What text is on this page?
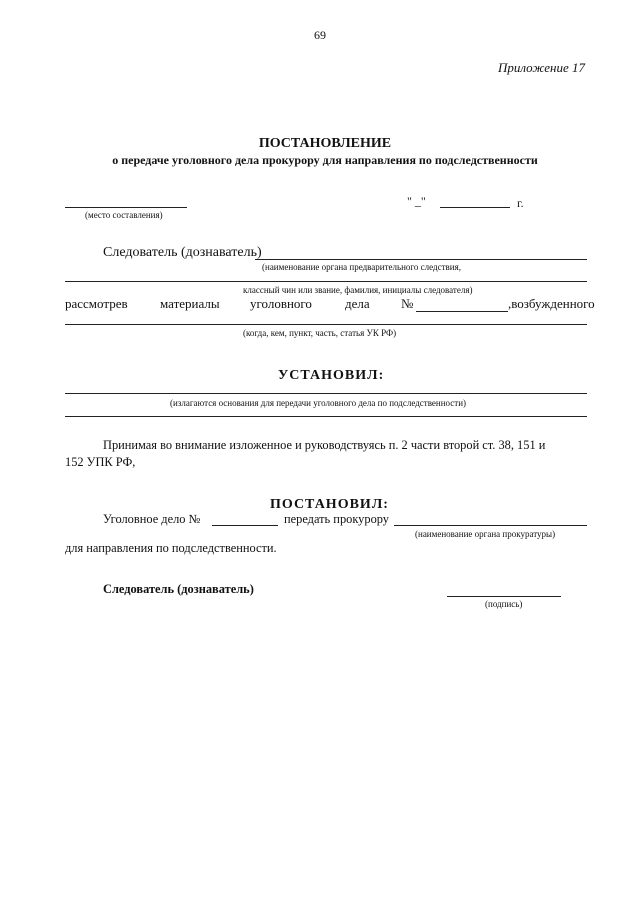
69
Приложение 17
ПОСТАНОВЛЕНИЕ
о передаче уголовного дела прокурору для направления по подследственности
(место составления)
" _"	г.
Следователь (дознаватель)
(наименование органа предварительного следствия,
классный чин или звание, фамилия, инициалы следователя)
рассмотрев материалы уголовного	дела №	,возбужденного
(когда, кем, пункт, часть, статья УК РФ)
УСТАНОВИЛ:
(излагаются основания для передачи уголовного дела по подследственности)
Принимая во внимание изложенное и руководствуясь п. 2 части второй ст. 38, 151 и
152 УПК РФ,
ПОСТАНОВИЛ:
Уголовное дело №	передать прокурору
(наименование органа прокуратуры)
для направления по подследственности.
Следователь (дознаватель)
(подпись)
